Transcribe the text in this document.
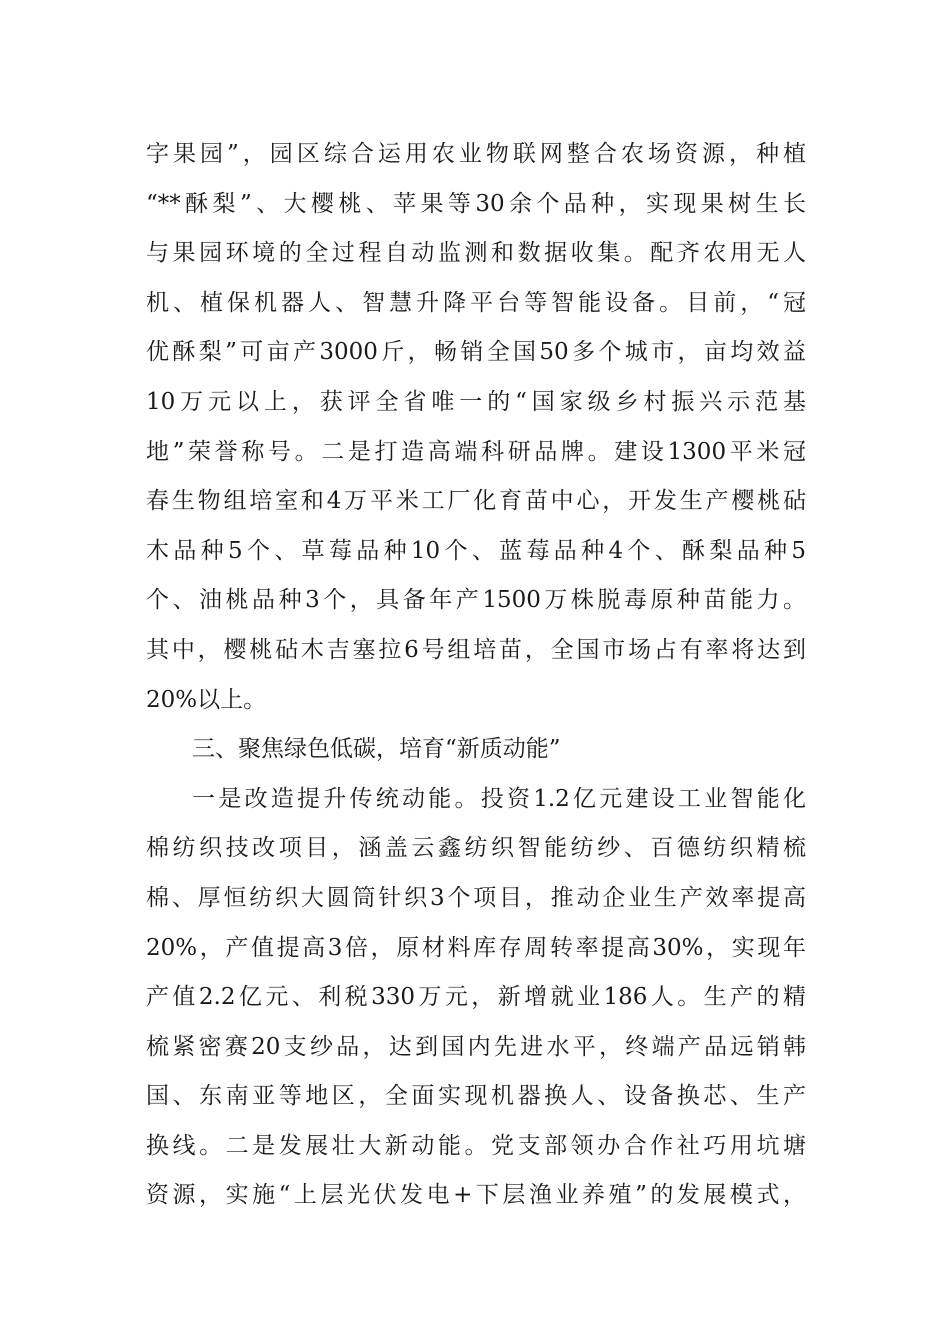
字果园”，园区综合运用农业物联网整合农场资源，种植
“**酥梨”、大樱桃、苹果等30余个品种，实现果树生长
与果园环境的全过程自动监测和数据收集。配齐农用无人
机、植保机器人、智慧升降平台等智能设备。目前，“冠
优酥梨”可亩产3000斤，畅销全国50多个城市，亩均效益
10万元以上，获评全省唯一的“国家级乡村振兴示范基
地”荣誉称号。二是打造高端科研品牌。建设1300平米冠
春生物组培室和4万平米工厂化育苗中心，开发生产樱桃砧
木品种5个、草莓品种10个、蓝莓品种4个、酥梨品种5
个、油桃品种3个，具备年产1500万株脱毒原种苗能力。
其中，樱桃砧木吉塞拉6号组培苗，全国市场占有率将达到
20%以上。
三、聚焦绿色低碳，培育“新质动能”
一是改造提升传统动能。投资1.2亿元建设工业智能化
棉纺织技改项目，涵盖云鑫纺织智能纺纱、百德纺织精梳
棉、厚恒纺织大圆筒针织3个项目，推动企业生产效率提高
20%，产值提高3倍，原材料库存周转率提高30%，实现年
产值2.2亿元、利税330万元，新增就业186人。生产的精
梳紧密赛20支纱品，达到国内先进水平，终端产品远销韩
国、东南亚等地区，全面实现机器换人、设备换芯、生产
换线。二是发展壮大新动能。党支部领办合作社巧用坑塘
资源，实施“上层光伏发电+下层渔业养殖”的发展模式，
